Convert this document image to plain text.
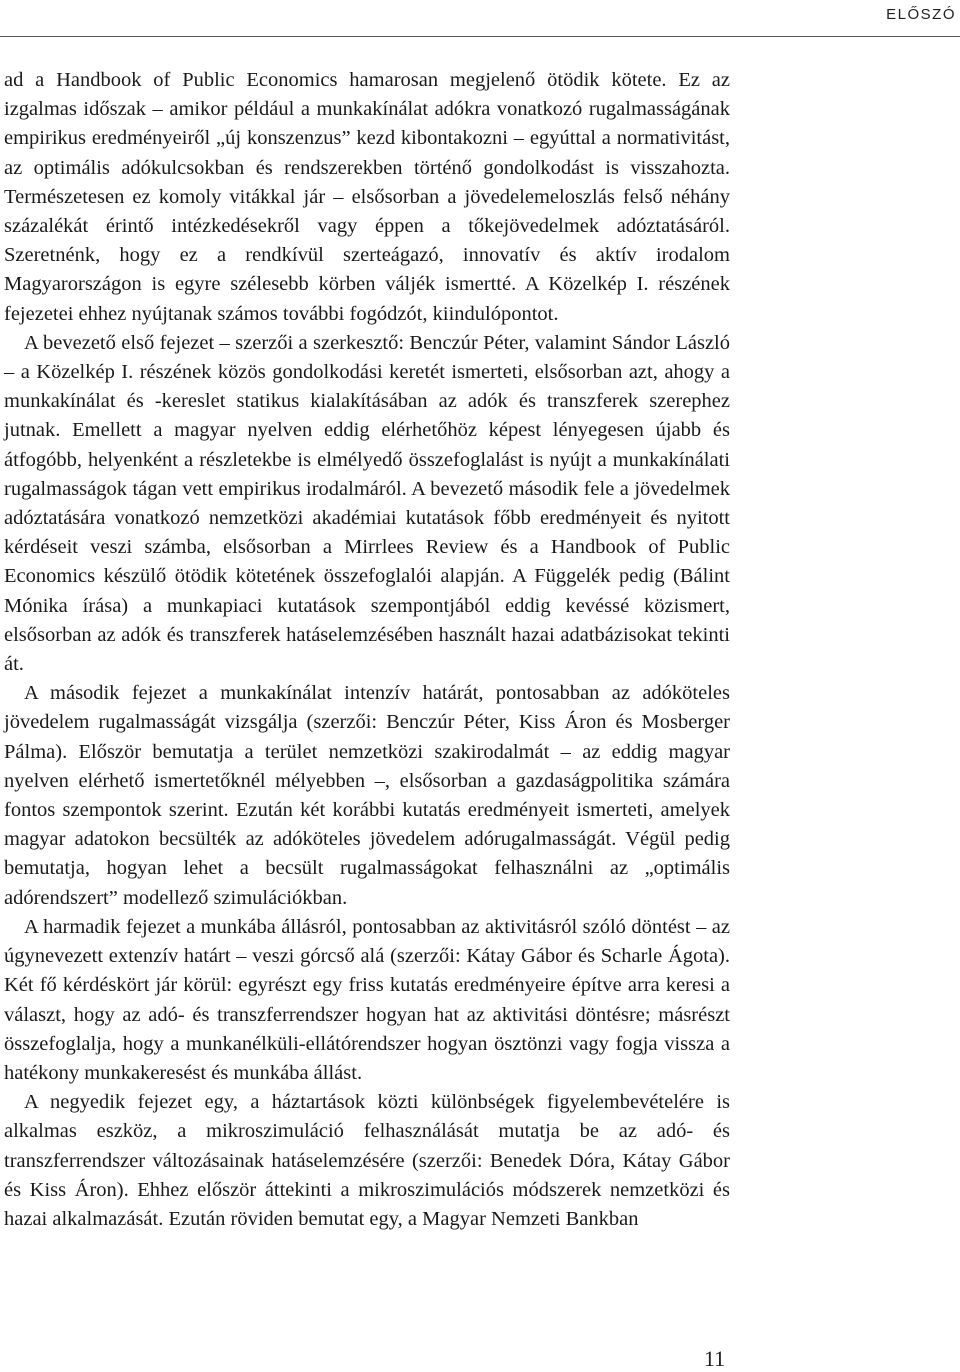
ELŐSZÓ

ad a Handbook of Public Economics hamarosan megjelenő ötödik kötete. Ez az izgalmas időszak – amikor például a munkakínálat adókra vonatkozó rugalmasságának empirikus eredményeiről „új konszenzus” kezd kibontakozni – egyúttal a normativitást, az optimális adókulcsokban és rendszerekben történő gondolkodást is visszahozta. Természetesen ez komoly vitákkal jár – elsősorban a jövedelemeloszlás felső néhány százalékát érintő intézkedésekről vagy éppen a tőkejövedelmek adóztatásáról. Szeretnénk, hogy ez a rendkívül szerteágazó, innovatív és aktív irodalom Magyarországon is egyre szélesebb körben váljék ismertté. A Közelkép I. részének fejezetei ehhez nyújtanak számos további fogódzót, kiindulópontot.

A bevezető első fejezet – szerzői a szerkesztő: Benczúr Péter, valamint Sándor László – a Közelkép I. részének közös gondolkodási keretét ismerteti, elsősorban azt, ahogy a munkakínálat és -kereslet statikus kialakításában az adók és transzferek szerephez jutnak. Emellett a magyar nyelven eddig elérhetőhöz képest lényegesen újabb és átfogóbb, helyenként a részletekbe is elmélyedő összefoglalást is nyújt a munkakínálati rugalmasságok tágan vett empirikus irodalmáról. A bevezető második fele a jövedelmek adóztatására vonatkozó nemzetközi akadémiai kutatások főbb eredményeit és nyitott kérdéseit veszi számba, elsősorban a Mirrlees Review és a Handbook of Public Economics készülő ötödik kötetének összefoglalói alapján. A Függelék pedig (Bálint Mónika írása) a munkapiaci kutatások szempontjából eddig kevéssé közismert, elsősorban az adók és transzferek hatáselemzésében használt hazai adatbázisokat tekinti át.

A második fejezet a munkakínálat intenzív határát, pontosabban az adóköteles jövedelem rugalmasságát vizsgálja (szerzői: Benczúr Péter, Kiss Áron és Mosberger Pálma). Először bemutatja a terület nemzetközi szakirodalmát – az eddig magyar nyelven elérhető ismertetőknél mélyebben –, elsősorban a gazdaságpolitika számára fontos szempontok szerint. Ezután két korábbi kutatás eredményeit ismerteti, amelyek magyar adatokon becsülték az adóköteles jövedelem adórugalmasságát. Végül pedig bemutatja, hogyan lehet a becsült rugalmasságokat felhasználni az „optimális adórendszert” modellező szimulációkban.

A harmadik fejezet a munkába állásról, pontosabban az aktivitásról szóló döntést – az úgynevezett extenzív határt – veszi górcső alá (szerzői: Kátay Gábor és Scharle Ágota). Két fő kérdéskört jár körül: egyrészt egy friss kutatás eredményeire építve arra keresi a választ, hogy az adó- és transzferrendszer hogyan hat az aktivitási döntésre; másrészt összefoglalja, hogy a munkanélküli-ellátórendszer hogyan ösztönzi vagy fogja vissza a hatékony munkakeresést és munkába állást.

A negyedik fejezet egy, a háztartások közti különbségek figyelembevételére is alkalmas eszköz, a mikroszimuláció felhasználását mutatja be az adó- és transzferrendszer változásainak hatáselemzésére (szerzői: Benedek Dóra, Kátay Gábor és Kiss Áron). Ehhez először áttekinti a mikroszimulációs módszerek nemzetközi és hazai alkalmazását. Ezután röviden bemutat egy, a Magyar Nemzeti Bankban

11
